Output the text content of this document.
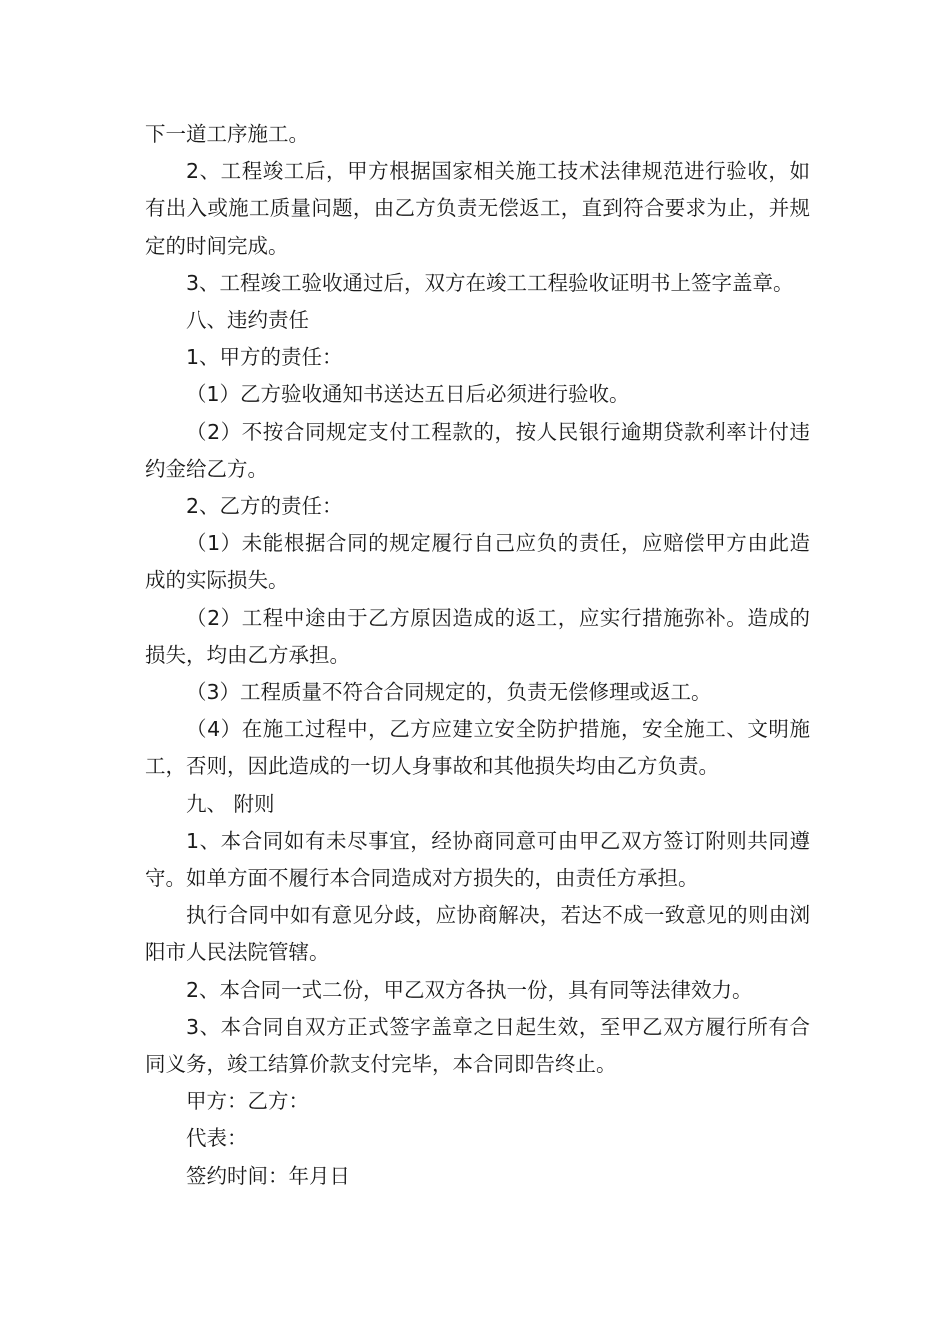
下一道工序施工。

2、工程竣工后，甲方根据国家相关施工技术法律规范进行验收，如有出入或施工质量问题，由乙方负责无偿返工，直到符合要求为止，并规定的时间完成。

3、工程竣工验收通过后，双方在竣工工程验收证明书上签字盖章。

八、违约责任

1、甲方的责任：

（1）乙方验收通知书送达五日后必须进行验收。

（2）不按合同规定支付工程款的，按人民银行逾期贷款利率计付违约金给乙方。

2、乙方的责任：

（1）未能根据合同的规定履行自己应负的责任，应赔偿甲方由此造成的实际损失。

（2）工程中途由于乙方原因造成的返工，应实行措施弥补。造成的损失，均由乙方承担。

（3）工程质量不符合合同规定的，负责无偿修理或返工。

（4）在施工过程中，乙方应建立安全防护措施，安全施工、文明施工，否则，因此造成的一切人身事故和其他损失均由乙方负责。

九、 附则

1、本合同如有未尽事宜，经协商同意可由甲乙双方签订附则共同遵守。如单方面不履行本合同造成对方损失的，由责任方承担。

执行合同中如有意见分歧，应协商解决，若达不成一致意见的则由浏阳市人民法院管辖。

2、本合同一式二份，甲乙双方各执一份，具有同等法律效力。

3、本合同自双方正式签字盖章之日起生效，至甲乙双方履行所有合同义务，竣工结算价款支付完毕，本合同即告终止。

甲方：乙方：

代表：

签约时间：年月日
